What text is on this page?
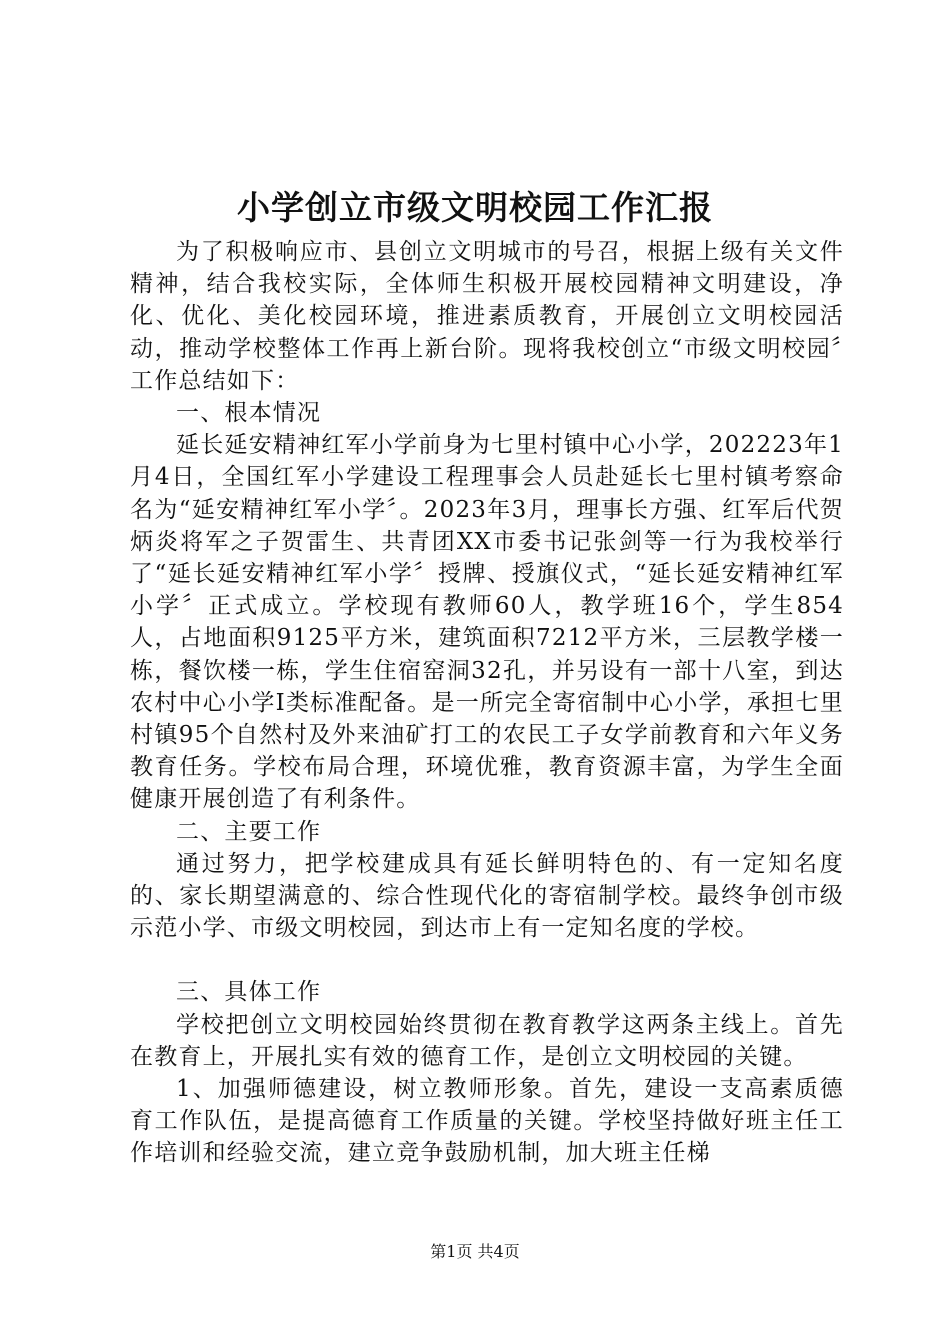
小学创立市级文明校园工作汇报

为了积极响应市、县创立文明城市的号召，根据上级有关文件精神，结合我校实际，全体师生积极开展校园精神文明建设，净化、优化、美化校园环境，推进素质教育，开展创立文明校园活动，推动学校整体工作再上新台阶。现将我校创立“市级文明校园〞工作总结如下：

一、根本情况

延长延安精神红军小学前身为七里村镇中心小学，202223年1月4日，全国红军小学建设工程理事会人员赴延长七里村镇考察命名为“延安精神红军小学〞。2023年3月，理事长方强、红军后代贺炳炎将军之子贺雷生、共青团XX市委书记张剑等一行为我校举行了“延长延安精神红军小学〞授牌、授旗仪式，“延长延安精神红军小学〞正式成立。学校现有教师60人，教学班16个，学生854人，占地面积9125平方米，建筑面积7212平方米，三层教学楼一栋，餐饮楼一栋，学生住宿窑洞32孔，并另设有一部十八室，到达农村中心小学Ⅰ类标准配备。是一所完全寄宿制中心小学，承担七里村镇95个自然村及外来油矿打工的农民工子女学前教育和六年义务教育任务。学校布局合理，环境优雅，教育资源丰富，为学生全面健康开展创造了有利条件。

二、主要工作

通过努力，把学校建成具有延长鲜明特色的、有一定知名度的、家长期望满意的、综合性现代化的寄宿制学校。最终争创市级示范小学、市级文明校园，到达市上有一定知名度的学校。

三、具体工作

学校把创立文明校园始终贯彻在教育教学这两条主线上。首先在教育上，开展扎实有效的德育工作，是创立文明校园的关键。

1、加强师德建设，树立教师形象。首先，建设一支高素质德育工作队伍，是提高德育工作质量的关键。学校坚持做好班主任工作培训和经验交流，建立竞争鼓励机制，加大班主任梯

第1页 共4页
